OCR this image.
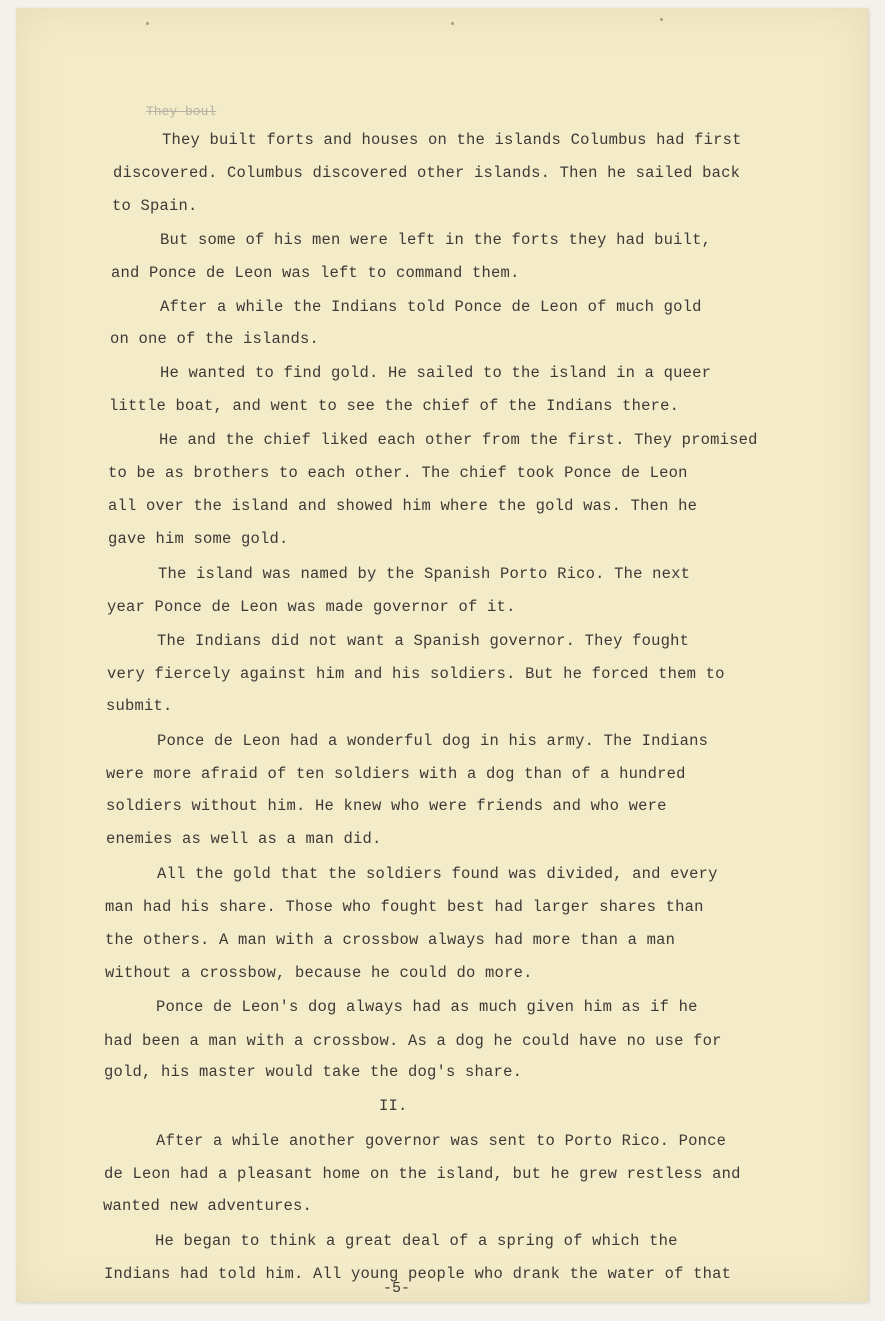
They boul
They built forts and houses on the islands Columbus had first
discovered. Columbus discovered other islands. Then he sailed back
to Spain.
But some of his men were left in the forts they had built,
and Ponce de Leon was left to command them.
After a while the Indians told Ponce de Leon of much gold
on one of the islands.
He wanted to find gold. He sailed to the island in a queer
little boat, and went to see the chief of the Indians there.
He and the chief liked each other from the first. They promised
to be as brothers to each other. The chief took Ponce de Leon
all over the island and showed him where the gold was. Then he
gave him some gold.
The island was named by the Spanish Porto Rico. The next
year Ponce de Leon was made governor of it.
The Indians did not want a Spanish governor. They fought
very fiercely against him and his soldiers. But he forced them to
submit.
Ponce de Leon had a wonderful dog in his army. The Indians
were more afraid of ten soldiers with a dog than of a hundred
soldiers without him. He knew who were friends and who were
enemies as well as a man did.
All the gold that the soldiers found was divided, and every
man had his share. Those who fought best had larger shares than
the others. A man with a crossbow always had more than a man
without a crossbow, because he could do more.
Ponce de Leon's dog always had as much given him as if he
had been a man with a crossbow. As a dog he could have no use for
gold, his master would take the dog's share.
II.
After a while another governor was sent to Porto Rico. Ponce
de Leon had a pleasant home on the island, but he grew restless and
wanted new adventures.
He began to think a great deal of a spring of which the
Indians had told him. All young people who drank the water of that
-5-
